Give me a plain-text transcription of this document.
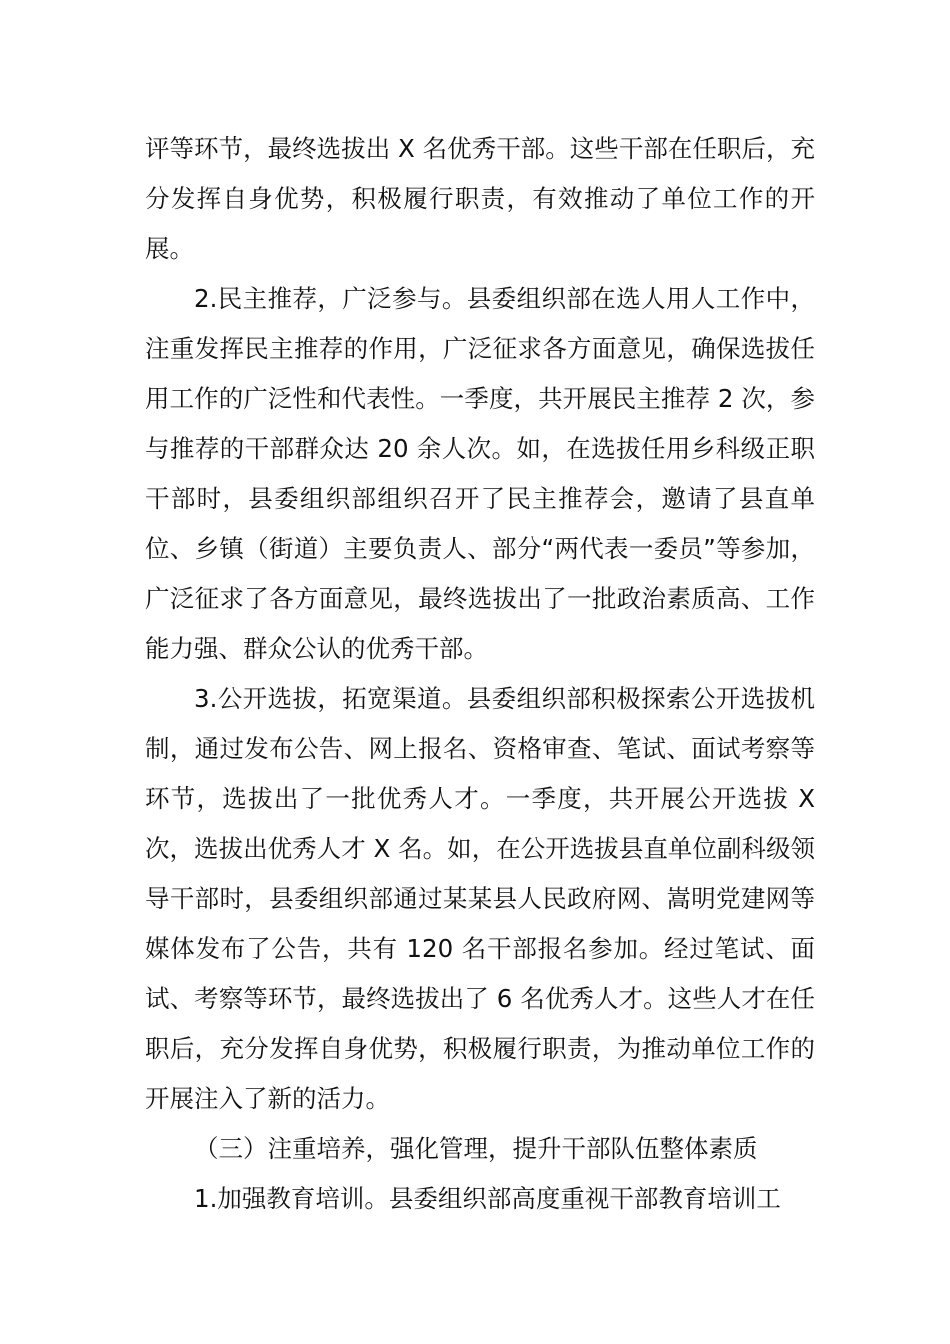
评等环节，最终选拔出 X 名优秀干部。这些干部在任职后，充分发挥自身优势，积极履行职责，有效推动了单位工作的开展。

2.民主推荐，广泛参与。县委组织部在选人用人工作中，注重发挥民主推荐的作用，广泛征求各方面意见，确保选拔任用工作的广泛性和代表性。一季度，共开展民主推荐 2 次，参与推荐的干部群众达 20 余人次。如，在选拔任用乡科级正职干部时，县委组织部组织召开了民主推荐会，邀请了县直单位、乡镇（街道）主要负责人、部分“两代表一委员”等参加，广泛征求了各方面意见，最终选拔出了一批政治素质高、工作能力强、群众公认的优秀干部。

3.公开选拔，拓宽渠道。县委组织部积极探索公开选拔机制，通过发布公告、网上报名、资格审查、笔试、面试考察等环节，选拔出了一批优秀人才。一季度，共开展公开选拔 X 次，选拔出优秀人才 X 名。如，在公开选拔县直单位副科级领导干部时，县委组织部通过某某县人民政府网、嵩明党建网等媒体发布了公告，共有 120 名干部报名参加。经过笔试、面试、考察等环节，最终选拔出了 6 名优秀人才。这些人才在任职后，充分发挥自身优势，积极履行职责，为推动单位工作的开展注入了新的活力。

（三）注重培养，强化管理，提升干部队伍整体素质

1.加强教育培训。县委组织部高度重视干部教育培训工
